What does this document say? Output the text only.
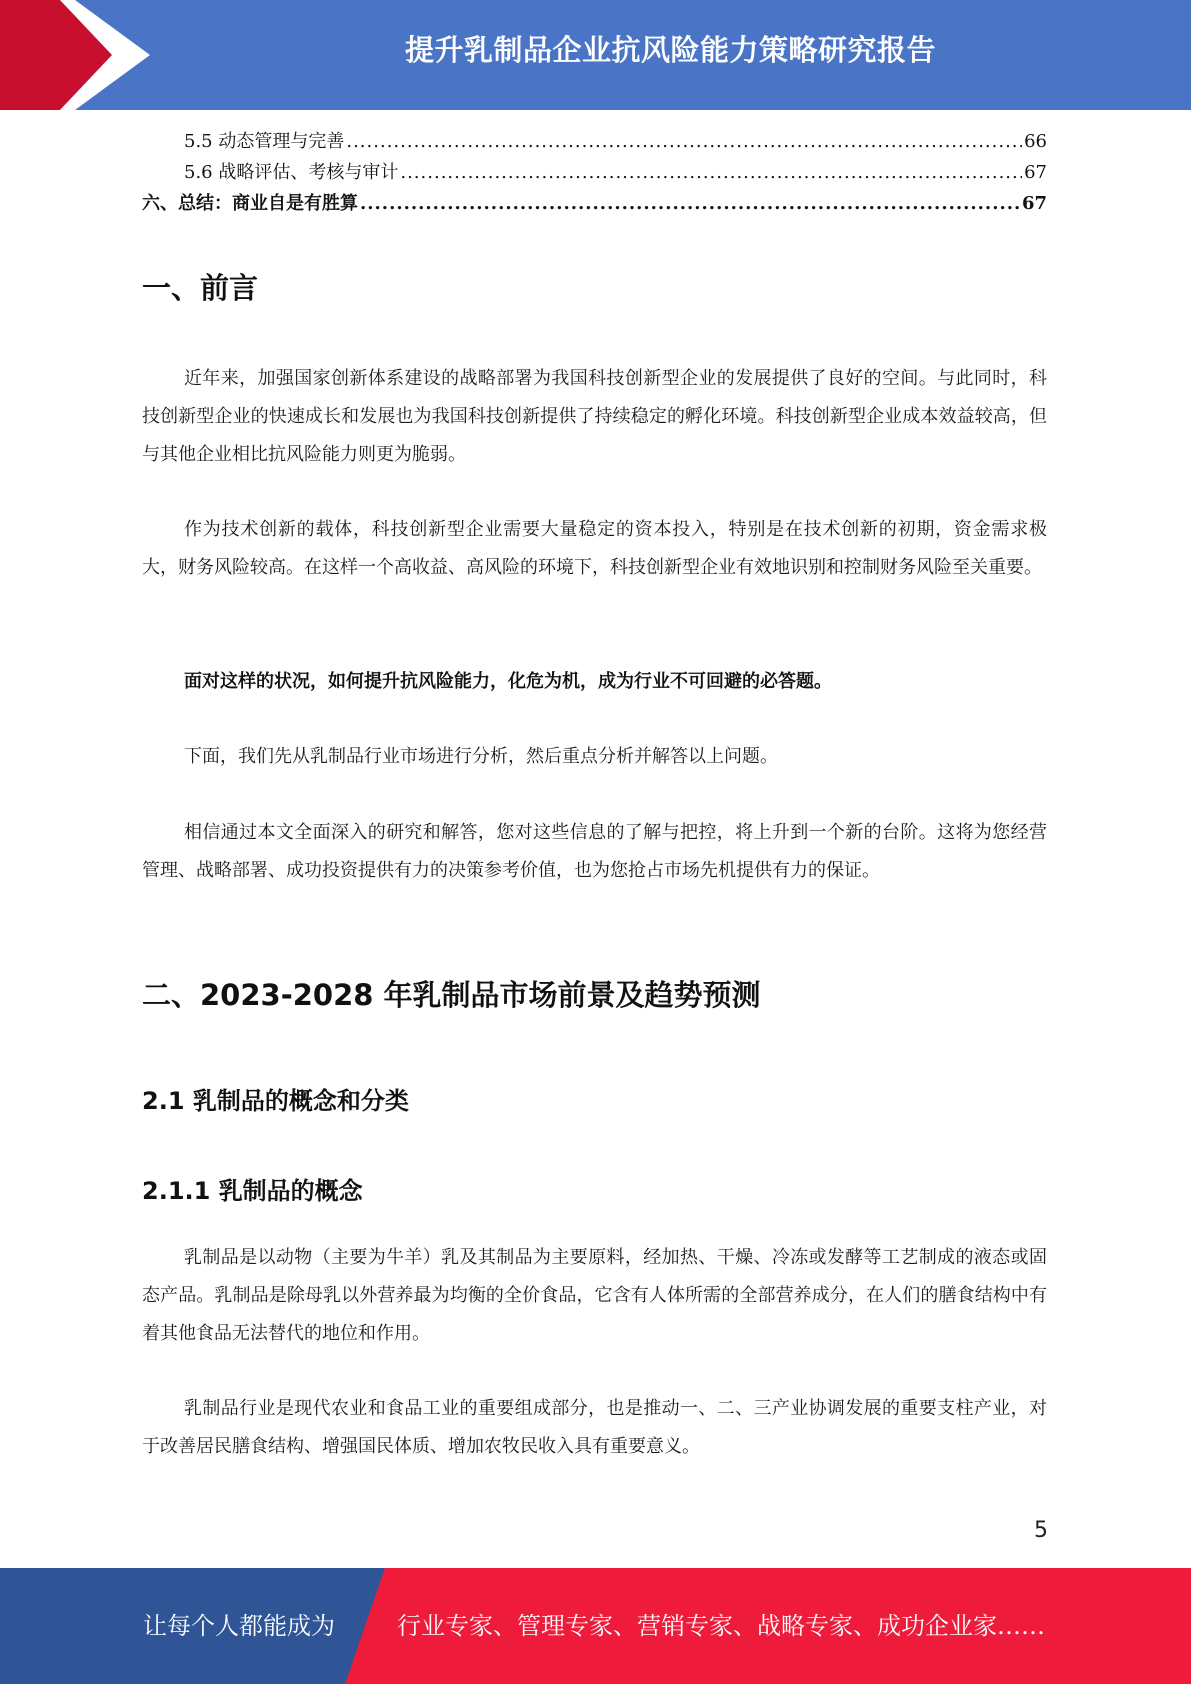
提升乳制品企业抗风险能力策略研究报告
5.5 动态管理与完善 .....	66
5.6 战略评估、考核与审计 .....	67
六、总结：商业自是有胜算 .....	67
一、前言

近年来，加强国家创新体系建设的战略部署为我国科技创新型企业的发展提供了良好的空间。与此同时，科技创新型企业的快速成长和发展也为我国科技创新提供了持续稳定的孵化环境。科技创新型企业成本效益较高，但与其他企业相比抗风险能力则更为脆弱。

作为技术创新的载体，科技创新型企业需要大量稳定的资本投入，特别是在技术创新的初期，资金需求极大，财务风险较高。在这样一个高收益、高风险的环境下，科技创新型企业有效地识别和控制财务风险至关重要。

面对这样的状况，如何提升抗风险能力，化危为机，成为行业不可回避的必答题。

下面，我们先从乳制品行业市场进行分析，然后重点分析并解答以上问题。

相信通过本文全面深入的研究和解答，您对这些信息的了解与把控，将上升到一个新的台阶。这将为您经营管理、战略部署、成功投资提供有力的决策参考价值，也为您抢占市场先机提供有力的保证。

二、2023-2028 年乳制品市场前景及趋势预测
2.1 乳制品的概念和分类
2.1.1 乳制品的概念

乳制品是以动物（主要为牛羊）乳及其制品为主要原料，经加热、干燥、冷冻或发酵等工艺制成的液态或固态产品。乳制品是除母乳以外营养最为均衡的全价食品，它含有人体所需的全部营养成分，在人们的膳食结构中有着其他食品无法替代的地位和作用。

乳制品行业是现代农业和食品工业的重要组成部分，也是推动一、二、三产业协调发展的重要支柱产业，对于改善居民膳食结构、增强国民体质、增加农牧民收入具有重要意义。

5
让每个人都能成为	行业专家、管理专家、营销专家、战略专家、成功企业家……
